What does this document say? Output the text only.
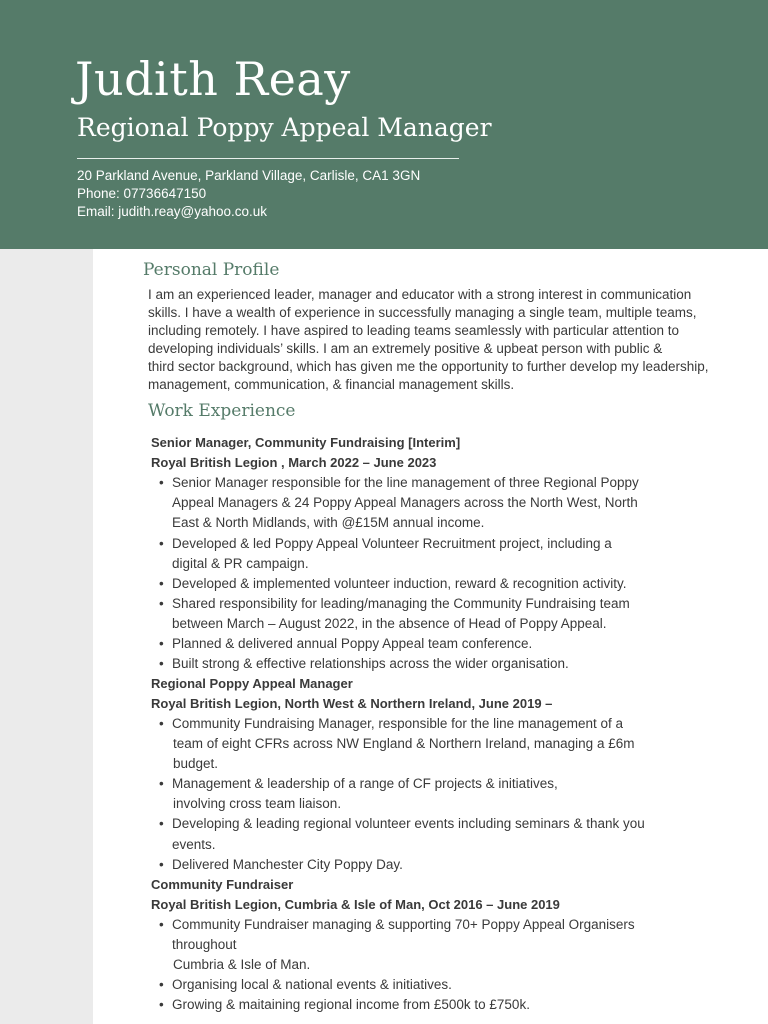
Judith Reay
Regional Poppy Appeal Manager
20 Parkland Avenue, Parkland Village, Carlisle, CA1 3GN
Phone: 07736647150
Email: judith.reay@yahoo.co.uk
Personal Profile
I am an experienced leader, manager and educator with a strong interest in communication
skills. I have a wealth of experience in successfully managing a single team, multiple teams,
including remotely. I have aspired to leading teams seamlessly with particular attention to
developing individuals’ skills. I am an extremely positive & upbeat person with public &
third sector background, which has given me the opportunity to further develop my leadership,
management, communication, & financial management skills.
Work Experience
Senior Manager, Community Fundraising [Interim]
Royal British Legion , March 2022 – June 2023
• Senior Manager responsible for the line management of three Regional Poppy
Appeal Managers & 24 Poppy Appeal Managers across the North West, North
East & North Midlands, with @£15M annual income.
• Developed & led Poppy Appeal Volunteer Recruitment project, including a
digital & PR campaign.
• Developed & implemented volunteer induction, reward & recognition activity.
• Shared responsibility for leading/managing the Community Fundraising team
between March – August 2022, in the absence of Head of Poppy Appeal.
• Planned & delivered annual Poppy Appeal team conference.
• Built strong & effective relationships across the wider organisation.
Regional Poppy Appeal Manager
Royal British Legion, North West & Northern Ireland, June 2019 –
• Community Fundraising Manager, responsible for the line management of a
team of eight CFRs across NW England & Northern Ireland, managing a £6m
budget.
• Management & leadership of a range of CF projects & initiatives,
involving cross team liaison.
• Developing & leading regional volunteer events including seminars & thank you
events.
• Delivered Manchester City Poppy Day.
Community Fundraiser
Royal British Legion, Cumbria & Isle of Man, Oct 2016 – June 2019
• Community Fundraiser managing & supporting 70+ Poppy Appeal Organisers
throughout
Cumbria & Isle of Man.
• Organising local & national events & initiatives.
• Growing & maitaining regional income from £500k to £750k.
